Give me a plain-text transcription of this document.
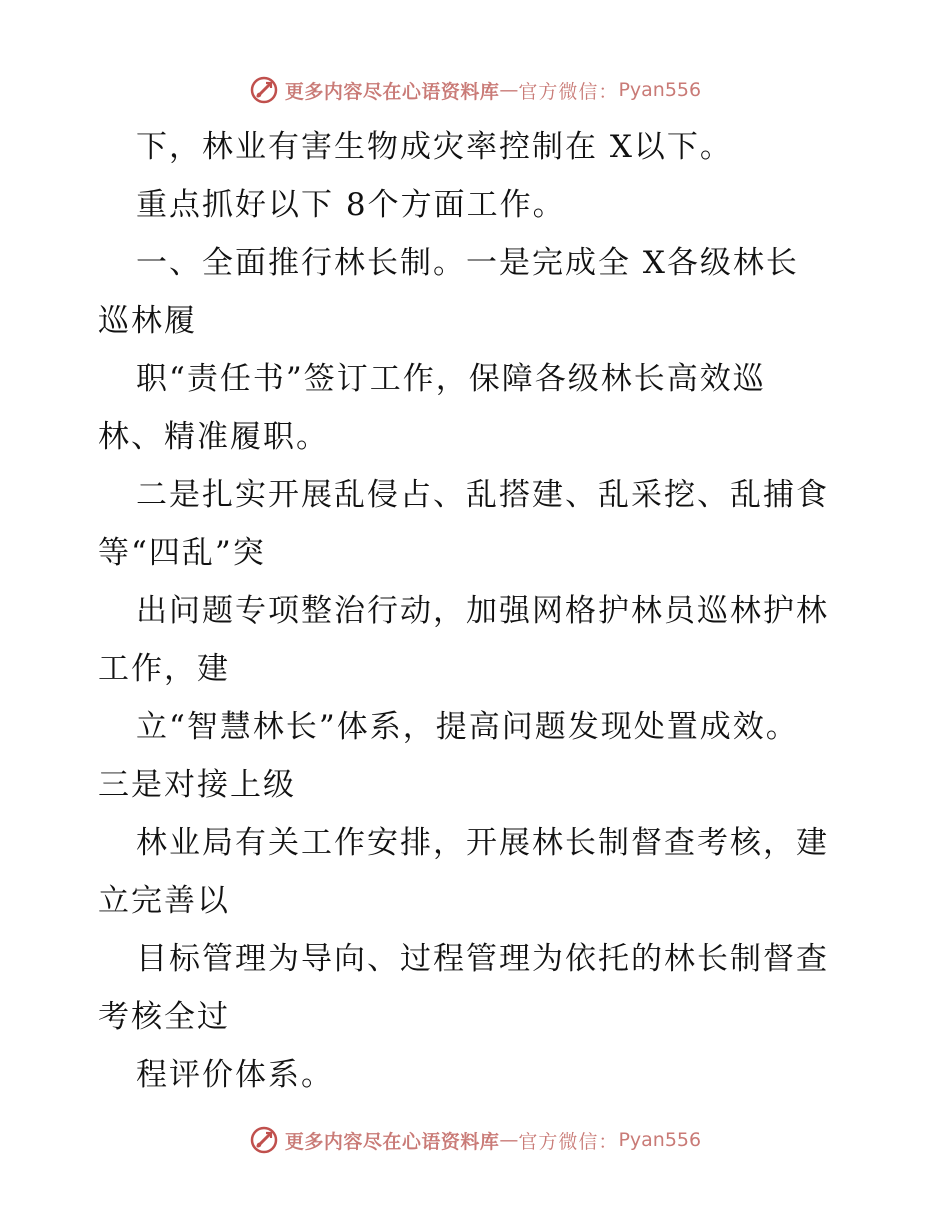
更多内容尽在心语资料库 — 官方微信： Pyan556
下，林业有害生物成灾率控制在 X以下。
重点抓好以下 8个方面工作。
一、全面推行林长制。一是完成全 X各级林长
巡林履
职“责任书”签订工作，保障各级林长高效巡
林、精准履职。
二是扎实开展乱侵占、乱搭建、乱采挖、乱捕食
等“四乱”突
出问题专项整治行动，加强网格护林员巡林护林
工作，建
立“智慧林长”体系，提高问题发现处置成效。
三是对接上级
林业局有关工作安排，开展林长制督查考核，建
立完善以
目标管理为导向、过程管理为依托的林长制督查
考核全过
程评价体系。
更多内容尽在心语资料库 — 官方微信： Pyan556
